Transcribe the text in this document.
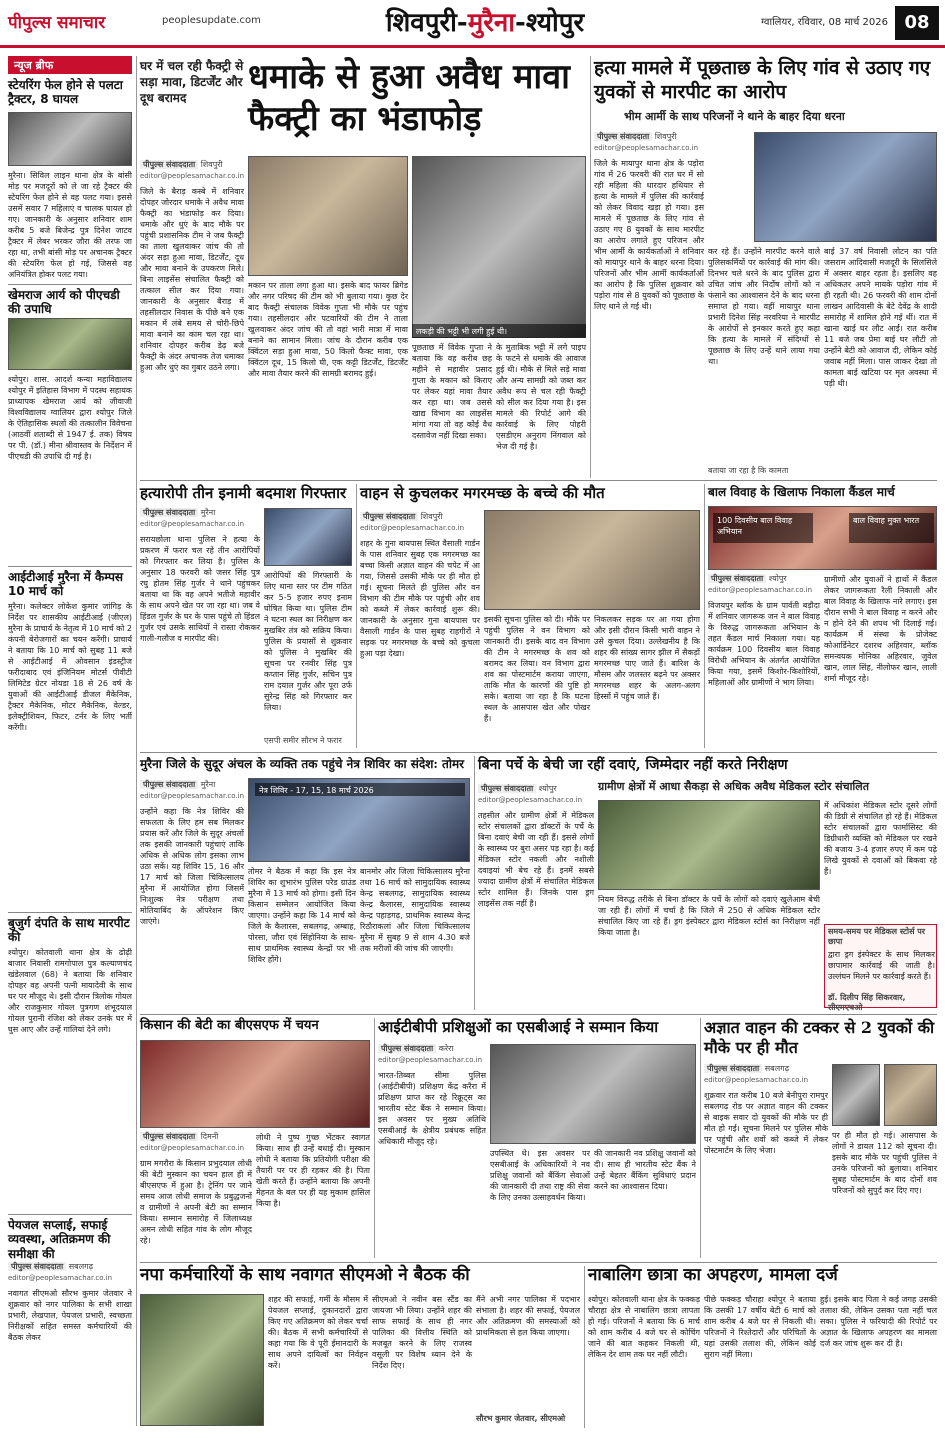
पीपुल्स समाचार	peoplesupdate.com	शिवपुरी-मुरैना-श्योपुर	ग्वालियर, रविवार, 08 मार्च 2026 08
न्यूज ब्रीफ
स्टेयरिंग फेल होने से पलटा ट्रैक्टर, 8 घायल
मुरैना। सिविल लाइन थाना क्षेत्र के बांसी मोड़ पर मजदूरों को ले जा रहे ट्रैक्टर की स्टेयरिंग फेल होने से वह पलट गया। इससे उसमें सवार 7 महिलाएं व चालक घायल हो गए। जानकारी के अनुसार शनिवार शाम करीब 5 बजे बिजेन्द्र पुत्र दिनेश जाटव ट्रैक्टर में लेबर भरकर जौरा की तरफ जा रहा था, तभी बांसी मोड़ पर अचानक ट्रैक्टर की स्टेयरिंग फेल हो गई, जिससे वह अनियंत्रित होकर पलट गया।
खेमराज आर्य को पीएचडी की उपाधि
श्योपुर। शास. आदर्श कन्या महाविद्यालय श्योपुर में इतिहास विभाग में पदस्थ सहायक प्राध्यापक खेमराज आर्य को जीवाजी विश्वविद्यालय ग्वालियर द्वारा श्योपुर जिले के ऐतिहासिक स्थलों की तत्कालीन विवेचना (आठवीं शताब्दी से 1947 ई. तक) विषय पर पी. (डॉ.) मीना श्रीवास्तव के निर्देशन में पीएचडी की उपाधि दी गई है।
आईटीआई मुरैना में कैम्पस 10 मार्च को
मुरैना। कलेक्टर लोकेश कुमार जांगिड़ के निर्देश पर शासकीय आईटीआई (जीएल) मुरैना के प्राचार्य के नेतृत्व में 10 मार्च को 2 कंपनी बेरोजगारों का चयन करेंगी। प्राचार्य ने बताया कि 10 मार्च को सुबह 11 बजे से आईटीआई में ओवसान इंडस्ट्रीज फरीदाबाद एवं इंजिनियम मोटर्स पीवीटी लिमिटेड ग्रेटर नोयडा 18 से 26 वर्ष के युवाओं की आईटीआई डीजल मैकेनिक, ट्रैक्टर मैकेनिक, मोटर मैकेनिक, वेल्डर, इलेक्ट्रीशियन, फिटर, टर्नर के लिए भर्ती करेंगी।
बुजुर्ग दंपति के साथ मारपीट की
श्योपुर। कोतवाली थाना क्षेत्र के ढोढ़ी बाजार निवासी रामगोपाल पुत्र कल्याणचंद खंडेलवाल (68) ने बताया कि शनिवार दोपहर वह अपनी पत्नी मायादेवी के साथ घर पर मौजूद थे। इसी दौरान त्रिलोक गोयल और राजकुमार गोयल पुत्रगण शंभूदयाल गोयल पुरानी रंजिश को लेकर उनके घर में घुस आए और उन्हें गालियां देने लगे।
पेयजल सप्लाई, सफाई व्यवस्था, अतिक्रमण की समीक्षा की
पीपुल्स संवाददाता सबलगढ़
editor@peoplesamachar.co.in
नवागत सीएमओ सौरभ कुमार जेतवार ने शुक्रवार को नगर पालिका के सभी शाखा प्रभारी, लेखपाल, पेयजल प्रभारी, स्वच्छता निरीक्षकों सहित समस्त कर्मचारियों की बैठक लेकर
घर में चल रही फैक्ट्री से सड़ा मावा, डिटर्जेंट और दूध बरामद
धमाके से हुआ अवैध मावा फैक्ट्री का भंडाफोड़
पीपुल्स संवाददाता शिवपुरी
editor@peoplesamachar.co.in
जिले के बैराड़ कस्बे में शनिवार दोपहर जोरदार धमाके ने अवैध मावा फैक्ट्री का भंडाफोड़ कर दिया। धमाके और धुएं के बाद मौके पर पहुंची प्रशासनिक टीम ने जब फैक्ट्री का ताला खुलवाकर जांच की तो अंदर सड़ा हुआ मावा, डिटर्जेंट, दूध और मावा बनाने के उपकरण मिले। बिना लाइसेंस संचालित फैक्ट्री को तत्काल सील कर दिया गया। जानकारी के अनुसार बैराड़ में तहसीलदार निवास के पीछे बने एक मकान में लंबे समय से चोरी-छिपे मावा बनाने का काम चल रहा था। शनिवार दोपहर करीब डेढ़ बजे फैक्ट्री के अंदर अचानक तेज धमाका हुआ और धुएं का गुबार उठने लगा।
मकान पर ताला लगा हुआ था। इसके बाद फायर ब्रिगेड और नगर परिषद की टीम को भी बुलाया गया। कुछ देर बाद फैक्ट्री संचालक विवेक गुप्ता भी मौके पर पहुंच गया। तहसीलदार और पटवारियों की टीम ने ताला खुलवाकर अंदर जांच की तो वहां भारी मात्रा में मावा बनाने का सामान मिला। जांच के दौरान करीब एक क्विंटल सड़ा हुआ मावा, 50 किलो फैक्ट मावा, एक क्विंटल दूध, 15 किलो घी, एक कट्टी डिटर्जेंट, डिटर्जेंट और मावा तैयार करने की सामग्री बरामद हुई।
पूछताछ में विवेक गुप्ता ने बताया कि वह करीब छह महीने से महावीर प्रसाद गुप्ता के मकान को किराए पर लेकर यहां मावा तैयार कर रहा था। जब उससे खाद्य विभाग का लाइसेंस मांगा गया तो वह कोई वैध दस्तावेज नहीं दिखा सका।
के मुताबिक भट्टी में लगे पाइप के फटने से धमाके की आवाज हुई थी। मौके से मिले सड़े मावा और अन्य सामग्री को जब्त कर अवैध रूप से चल रही फैक्ट्री को सील कर दिया गया है। इस मामले की रिपोर्ट आगे की कार्रवाई के लिए पोहरी एसडीएम अनुराग निंगवाल को भेज दी गई है।
लकड़ी की भट्टी भी लगी हुई थी।
हत्या मामले में पूछताछ के लिए गांव से उठाए गए युवकों से मारपीट का आरोप
भीम आर्मी के साथ परिजनों ने थाने के बाहर दिया धरना
पीपुल्स संवाददाता शिवपुरी
editor@peoplesamachar.co.in
जिले के मायापुर थाना क्षेत्र के पड़ोरा गांव में 26 फरवरी की रात घर में सो रही महिला की धारदार हथियार से हत्या के मामले में पुलिस की कार्रवाई को लेकर विवाद खड़ा हो गया। इस मामले में पूछताछ के लिए गांव से उठाए गए 8 युवकों के साथ मारपीट का आरोप लगाते हुए परिजन और भीम आर्मी के कार्यकर्ताओं ने शनिवार को मायापुर थाने के बाहर धरना दिया। परिजनों और भीम आर्मी कार्यकर्ताओं का आरोप है कि पुलिस शुक्रवार को पड़ोरा गांव से 8 युवकों को पूछताछ के लिए थाने ले गई थी।
कर रहे हैं। उन्होंने मारपीट करने वाले पुलिसकर्मियों पर कार्रवाई की मांग की। दिनभर चले धरने के बाद पुलिस द्वारा उचित जांच और निर्दोष लोगों को न फंसाने का आश्वासन देने के बाद धरना समाप्त हो गया। वहीं मायापुर थाना प्रभारी दिनेश सिंह नरवरिया ने मारपीट के आरोपों से इनकार करते हुए कहा कि हत्या के मामले में संदिग्धों से पूछताछ के लिए उन्हें थाने लाया गया था।
बाई 37 वर्ष निवासी लोटन का पति जसराम आदिवासी मजदूरी के सिलसिले में अक्सर बाहर रहता है। इसलिए वह अधिकतर अपने मायके पड़ोरा गांव में ही रहती थी। 26 फरवरी की शाम दोनों लाखन आदिवासी के बेटे देवेंद्र के शादी समारोह में शामिल होने गई थीं। रात में खाना खाई घर लौट आईं। रात करीब 11 बजे जब प्रेमा बाई घर लौटी तो उन्होंने बेटी को आवाज दी, लेकिन कोई जवाब नहीं मिला। पास जाकर देखा तो कामता बाई खटिया पर मृत अवस्था में पड़ी थी।
बताया जा रहा है कि कामता
हत्यारोपी तीन इनामी बदमाश गिरफ्तार
पीपुल्स संवाददाता मुरैना
editor@peoplesamachar.co.in
सरायछोला थाना पुलिस ने हत्या के प्रकरण में फरार चल रहे तीन आरोपियों को गिरफ्तार कर लिया है। पुलिस के अनुसार 18 फरवरी को जसर सिंह पुत्र रघु होतम सिंह गुर्जर ने थाने पहुंचकर बताया था कि वह अपने भतीजे महावीर के साथ अपने खेत पर जा रहा था। जब वे हिंडल गुर्जर के घर के पास पहुंचे तो हिंडल गुर्जर एवं उसके साथियों ने रास्ता रोककर गाली-गलौज व मारपीट की।
आरोपियों की गिरफ्तारी के लिए थाना स्तर पर टीम गठित कर 5-5 हजार रुपए इनाम घोषित किया था। पुलिस टीम ने घटना स्थल का निरीक्षण कर मुखबिर तंत्र को सक्रिय किया। पुलिस के प्रयासों से शुक्रवार को पुलिस ने मुखबिर की सूचना पर रनवीर सिंह पुत्र कप्तान सिंह गुर्जर, सचिन पुत्र राम दयाल गुर्जर और पूरा उर्फ सुरेन्द्र सिंह को गिरफ्तार कर लिया।
एसपी समीर सौरभ ने फरार
वाहन से कुचलकर मगरमच्छ के बच्चे की मौत
पीपुल्स संवाददाता शिवपुरी
editor@peoplesamachar.co.in
शहर के गुना बायपास स्थित वैसाली गार्डन के पास शनिवार सुबह एक मगरमच्छ का बच्चा किसी अज्ञात वाहन की चपेट में आ गया, जिससे उसकी मौके पर ही मौत हो गई। सूचना मिलते ही पुलिस और वन विभाग की टीम मौके पर पहुंची और शव को कब्जे में लेकर कार्रवाई शुरू की। जानकारी के अनुसार गुना बायपास पर वैसाली गार्डन के पास सुबह राहगीरों ने सड़क पर मगरमच्छ के बच्चे को कुचला हुआ पड़ा देखा।
इसकी सूचना पुलिस को दी। मौके पर पहुंची पुलिस ने वन विभाग को जानकारी दी। इसके बाद वन विभाग की टीम ने मगरमच्छ के शव को बरामद कर लिया। वन विभाग द्वारा शव का पोस्टमार्टम कराया जाएगा, ताकि मौत के कारणों की पुष्टि हो सके। बताया जा रहा है कि घटना स्थल के आसपास खेत और पोखर हैं।
निकलकर सड़क पर आ गया होगा और इसी दौरान किसी भारी वाहन ने उसे कुचल दिया। उल्लेखनीय है कि शहर की सांख्य सागर झील में सैकड़ों मगरमच्छ पाए जाते हैं। बारिश के मौसम और जलस्तर बढ़ने पर अक्सर मगरमच्छ शहर के अलग-अलग हिस्सों में पहुंच जाते हैं।
बाल विवाह के खिलाफ निकाला कैंडल मार्च
100 दिवसीय बाल विवाह अभियान
बाल विवाह मुक्त भारत
पीपुल्स संवाददाता श्योपुर
editor@peoplesamachar.co.in
विजयपुर ब्लॉक के ग्राम पार्वती बड़ौदा में शनिवार जागरूक जन ने बाल विवाह के विरुद्ध जागरूकता अभियान के तहत कैंडल मार्च निकाला गया। यह कार्यक्रम 100 दिवसीय बाल विवाह विरोधी अभियान के अंतर्गत आयोजित किया गया, इसमें किशोर-किशोरियों, महिलाओं और ग्रामीणों ने भाग लिया।
ग्रामीणों और युवाओं ने हाथों में कैंडल लेकर जागरूकता रैली निकाली और बाल विवाह के खिलाफ नारे लगाए। इस दौरान सभी ने बाल विवाह न करने और न होने देने की शपथ भी दिलाई गई। कार्यक्रम में संस्था के प्रोजेक्ट कोआर्डिनेटर दशरथ अहिरवार, ब्लॉक समन्वयक मोनिका अहिरवार, जुवेल खान, लाल सिंह, नीलोफर खान, लाली शर्मा मौजूद रहे।
मुरैना जिले के सुदूर अंचल के व्यक्ति तक पहुंचे नेत्र शिविर का संदेश: तोमर
पीपुल्स संवाददाता मुरैना
editor@peoplesamachar.co.in
नेत्र शिविर - 17, 15, 18 मार्च 2026
उन्होंने कहा कि नेत्र शिविर की सफलता के लिए हम सब मिलकर प्रयास करें और जिले के सुदूर अंचलों तक इसकी जानकारी पहुंचाएं ताकि अधिक से अधिक लोग इसका लाभ उठा सकें। यह शिविर 15, 16 और 17 मार्च को जिला चिकित्सालय मुरैना में आयोजित होगा जिसमें निःशुल्क नेत्र परीक्षण तथा मोतियाबिंद के ऑपरेशन किए जाएंगे।
तोमर ने बैठक में कहा कि इस नेत्र शिविर का शुभारंभ पुलिस परेड ग्राउंड मुरैना में 13 मार्च को होगा। इसी दिन किसान सम्मेलन आयोजित किया जाएगा। उन्होंने कहा कि 14 मार्च को जिले के कैलारस, सबलगढ़, अम्बाह, पोरसा, जौरा एवं सिंहोनिया के साथ-साथ प्राथमिक स्वास्थ्य केन्द्रों पर भी शिविर होंगे।
बानमोर और जिला चिकित्सालय मुरैना तथा 16 मार्च को सामुदायिक स्वास्थ्य केन्द्र सबलगढ़, सामुदायिक स्वास्थ्य केन्द्र कैलारस, सामुदायिक स्वास्थ्य केन्द्र पहाड़गढ़, प्राथमिक स्वास्थ्य केन्द्र रिठौराकलां और जिला चिकित्सालय मुरैना में सुबह 9 से शाम 4.30 बजे तक मरीजों की जांच की जाएगी।
बिना पर्चे के बेची जा रहीं दवाएं, जिम्मेदार नहीं करते निरीक्षण
ग्रामीण क्षेत्रों में आधा सैकड़ा से अधिक अवैध मेडिकल स्टोर संचालित
पीपुल्स संवाददाता श्योपुर
editor@peoplesamachar.co.in
तहसील और ग्रामीण क्षेत्रों में मेडिकल स्टोर संचालकों द्वारा डॉक्टरों के पर्चे के बिना दवाएं बेची जा रही हैं। इससे लोगों के स्वास्थ्य पर बुरा असर पड़ रहा है। कई मेडिकल स्टोर नकली और नशीली दवाइयां भी बेच रहे हैं। इनमें सबसे ज्यादा ग्रामीण क्षेत्रों में संचालित मेडिकल स्टोर शामिल हैं। जिनके पास ड्रग लाइसेंस तक नहीं है।	नियम विरुद्ध तरीके से बिना डॉक्टर के पर्चे के लोगों को दवाएं खुलेआम बेची जा रही हैं। लोगों में चर्चा है कि जिले में 250 से अधिक मेडिकल स्टोर संचालित किए जा रहे हैं। ड्रग इंस्पेक्टर द्वारा मेडिकल स्टोर्स का निरीक्षण नहीं किया जाता है।
में अधिकांश मेडिकल स्टोर दूसरे लोगों की डिग्री से संचालित हो रहे हैं। मेडिकल स्टोर संचालकों द्वारा फार्मासिस्ट की डिग्रीधारी व्यक्ति को मेडिकल पर रखने की बजाय 3-4 हजार रुपए में कम पढ़े लिखे युवकों से दवाओं को बिकवा रहे हैं।
समय-समय पर मेडिकल स्टोर्स पर छापा
द्वारा ड्रग इंस्पेक्टर के साथ मिलकर छापामार कार्रवाई की जाती है। उल्लंघन मिलने पर कार्रवाई करते हैं।
डॉ. दिलीप सिंह सिकरवार, सीएमएचओ
किसान की बेटी का बीएसएफ में चयन
पीपुल्स संवाददाता दिमनी
editor@peoplesamachar.co.in
ग्राम मगरौरा के किसान प्रभुदयाल लोधी की बेटी मुस्कान का चयन हाल ही में बीएसएफ में हुआ है। ट्रेनिंग पर जाने समय आज लोधी समाज के प्रबुद्धजनों व ग्रामीणों ने अपनी बेटी का सम्मान किया। सम्मान समारोह में जिलाध्यक्ष अमन लोधी सहित गांव के लोग मौजूद रहे।
लोधी ने पुष्प गुच्छ भेंटकर स्वागत किया। साथ ही उन्हें बधाई दी। मुस्कान लोधी ने बताया कि प्रतियोगी परीक्षा की तैयारी पर पर ही रहकर की है। पिता खेती करते हैं। उन्होंने बताया कि अपनी मेहनत के बल पर ही यह मुकाम हासिल किया है।
आईटीबीपी प्रशिक्षुओं का एसबीआई ने सम्मान किया
पीपुल्स संवाददाता करेरा
editor@peoplesamachar.co.in
भारत-तिब्बत सीमा पुलिस (आईटीबीपी) प्रशिक्षण केंद्र करैरा में प्रशिक्षण प्राप्त कर रहे रिक्रूट्स का भारतीय स्टेट बैंक ने सम्मान किया। इस अवसर पर मुख्य अतिथि एसबीआई के क्षेत्रीय प्रबंधक सहित अधिकारी मौजूद रहे।
उपस्थित थे। इस अवसर पर एसबीआई के अधिकारियों ने नव प्रशिक्षु जवानों को बैंकिंग सेवाओं की जानकारी दी तथा राष्ट्र की सेवा के लिए उनका उत्साहवर्धन किया।
की जानकारी नव प्रशिक्षु जवानों को दी। साथ ही भारतीय स्टेट बैंक ने उन्हें बेहतर बैंकिंग सुविधाएं प्रदान करने का आश्वासन दिया।
अज्ञात वाहन की टक्कर से 2 युवकों की मौके पर ही मौत
पीपुल्स संवाददाता सबलगढ़
editor@peoplesamachar.co.in
शुक्रवार रात करीब 10 बजे बेनीपुरा रामपुर सबलगढ़ रोड पर अज्ञात वाहन की टक्कर से बाइक सवार दो युवकों की मौके पर ही मौत हो गई। सूचना मिलने पर पुलिस मौके पर पहुंची और शवों को कब्जे में लेकर पोस्टमार्टम के लिए भेजा।
पर ही मौत हो गई। आसपास के लोगों ने डायल 112 को सूचना दी। इसके बाद मौके पर पहुंची पुलिस ने उनके परिजनों को बुलाया। शनिवार सुबह पोस्टमार्टम के बाद दोनों शव परिजनों को सुपुर्द कर दिए गए।
नपा कर्मचारियों के साथ नवागत सीएमओ ने बैठक की
शहर की सफाई, गर्मी के मौसम में पेयजल सप्लाई, दुकानदारों द्वारा किए गए अतिक्रमण को लेकर चर्चा की। बैठक में सभी कर्मचारियों से कहा गया कि वे पूरी ईमानदारी के साथ अपने दायित्वों का निर्वहन करें।
सीएमओ ने नवीन बस स्टैंड का जायजा भी लिया। उन्होंने शहर की साफ सफाई के साथ ही नगर पालिका की वित्तीय स्थिति को मजबूत करने के लिए राजस्व वसूली पर विशेष ध्यान देने के निर्देश दिए।
मैंने अभी नगर पालिका में पदभार संभाला है। शहर की सफाई, पेयजल और अतिक्रमण की समस्याओं को प्राथमिकता से हल किया जाएगा।
सौरभ कुमार जेतवार, सीएमओ
नाबालिग छात्रा का अपहरण, मामला दर्ज
श्योपुर। कोतवाली थाना क्षेत्र के फक्कड़ चौराहा क्षेत्र से नाबालिग छात्रा लापता हो गई। परिजनों ने बताया कि 6 मार्च को शाम करीब 4 बजे घर से कोचिंग जाने की बात कहकर निकली थी, लेकिन देर शाम तक घर नहीं लौटी।
पीछे फक्कड़ चौराहा श्योपुर ने बताया कि उसकी 17 वर्षीय बेटी 6 मार्च को शाम करीब 4 बजे घर से निकली थी। परिजनों ने रिश्तेदारों और परिचितों के यहां उसकी तलाश की, लेकिन कोई सुराग नहीं मिला।
हुई। इसके बाद पिता ने कई जगह उसकी तलाश की, लेकिन उसका पता नहीं चल सका। पुलिस ने फरियादी की रिपोर्ट पर अज्ञात के खिलाफ अपहरण का मामला दर्ज कर जांच शुरू कर दी है।
